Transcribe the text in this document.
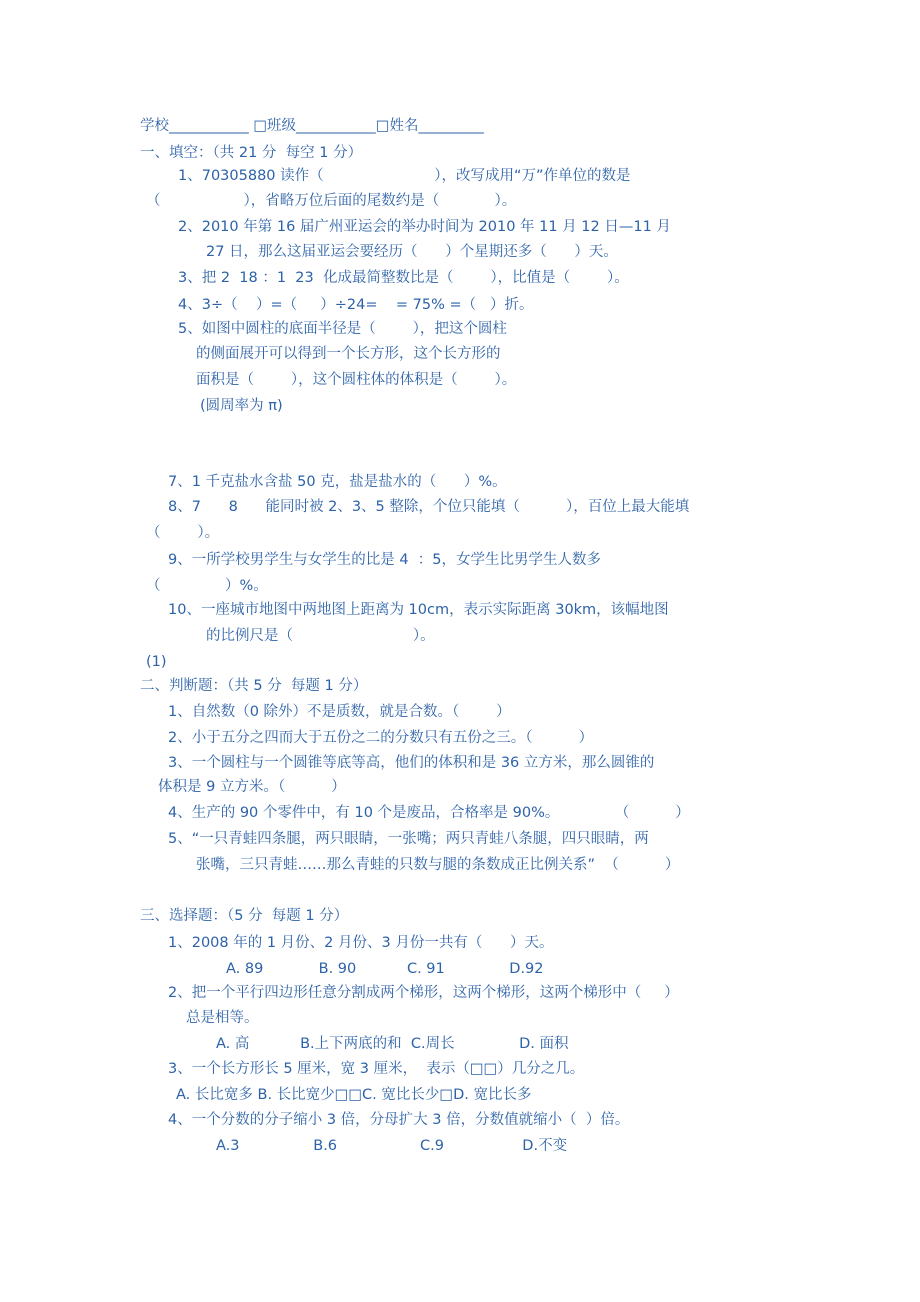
学校___________ □班级___________□姓名_________
一、填空：（共 21 分  每空 1 分）
1、70305880 读作（                        ），改写成用“万”作单位的数是
（                  ），省略万位后面的尾数约是（            ）。
2、2010 年第 16 届广州亚运会的举办时间为 2010 年 11 月 12 日—11 月
27 日，那么这届亚运会要经历（      ）个星期还多（      ）天。
3、把 2  18 ：1  23  化成最简整数比是（        ），比值是（        ）。
4、3÷（    ）=（     ）÷24=    = 75% =（   ）折。
5、如图中圆柱的底面半径是（        ），把这个圆柱
的侧面展开可以得到一个长方形，这个长方形的
面积是（        ），这个圆柱体的体积是（        ）。
(圆周率为 π)
7、1 千克盐水含盐 50 克，盐是盐水的（      ）%。
8、7      8      能同时被 2、3、5 整除，个位只能填（          ），百位上最大能填
（        ）。
9、一所学校男学生与女学生的比是 4  ：5，女学生比男学生人数多
（              ）%。
10、一座城市地图中两地图上距离为 10cm，表示实际距离 30km，该幅地图
的比例尺是（                          ）。
(1)
二、判断题：（共 5 分  每题 1 分）
1、自然数（0 除外）不是质数，就是合数。（        ）
2、小于五分之四而大于五份之二的分数只有五份之三。（          ）
3、一个圆柱与一个圆锥等底等高，他们的体积和是 36 立方米，那么圆锥的
体积是 9 立方米。（          ）
4、生产的 90 个零件中，有 10 个是废品，合格率是 90%。            （          ）
5、“一只青蛙四条腿，两只眼睛，一张嘴；两只青蛙八条腿，四只眼睛，两
张嘴，三只青蛙……那么青蛙的只数与腿的条数成正比例关系”  （          ）
三、选择题：（5 分  每题 1 分）
1、2008 年的 1 月份、2 月份、3 月份一共有（      ）天。
A. 89            B. 90           C. 91              D.92
2、把一个平行四边形任意分割成两个梯形，这两个梯形，这两个梯形中（     ）
总是相等。
A. 高           B.上下两底的和  C.周长              D. 面积
3、一个长方形长 5 厘米，宽 3 厘米，  表示（□□）几分之几。
A. 长比宽多 B. 长比宽少□□C. 宽比长少□D. 宽比长多
4、一个分数的分子缩小 3 倍，分母扩大 3 倍，分数值就缩小（  ）倍。
A.3                B.6                  C.9                 D.不变
